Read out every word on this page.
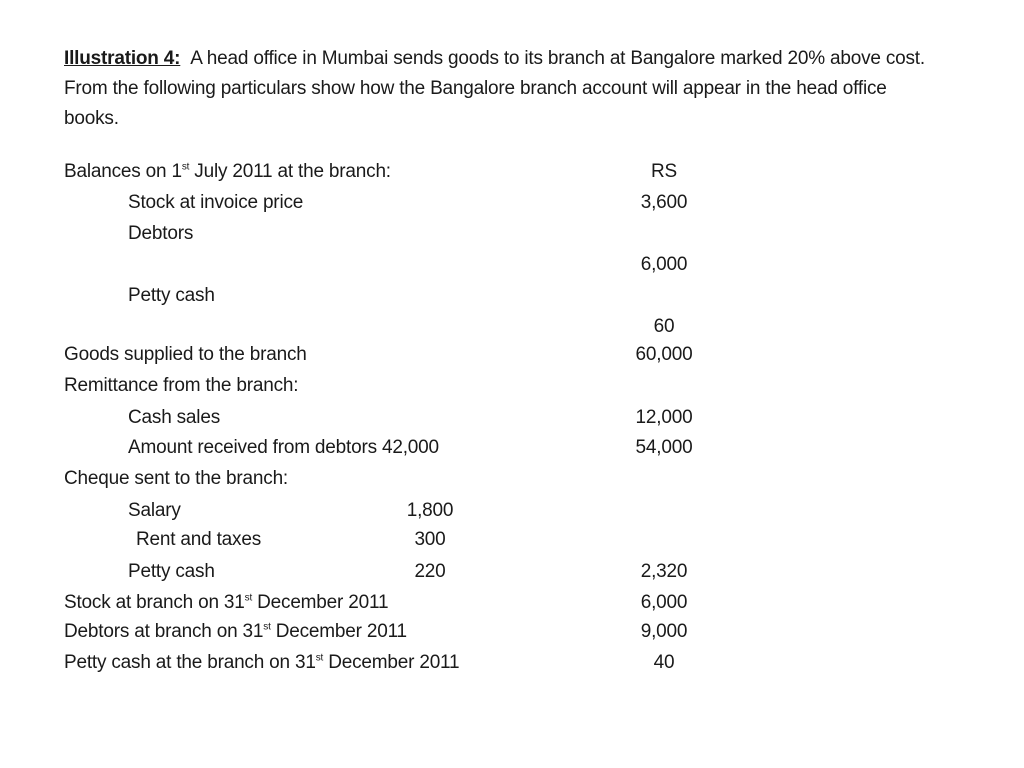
Illustration 4: A head office in Mumbai sends goods to its branch at Bangalore marked 20% above cost. From the following particulars show how the Bangalore branch account will appear in the head office books.
Balances on 1st July 2011 at the branch:	RS
Stock at invoice price	3,600
Debtors
6,000
Petty cash
60
Goods supplied to the branch	60,000
Remittance from the branch:
Cash sales	12,000
Amount received from debtors 42,000	54,000
Cheque sent to the branch:
Salary	1,800
Rent and taxes	300
Petty cash	220	2,320
Stock at branch on 31st December 2011	6,000
Debtors at branch on 31st December 2011	9,000
Petty cash at the branch on 31st December 2011	40
